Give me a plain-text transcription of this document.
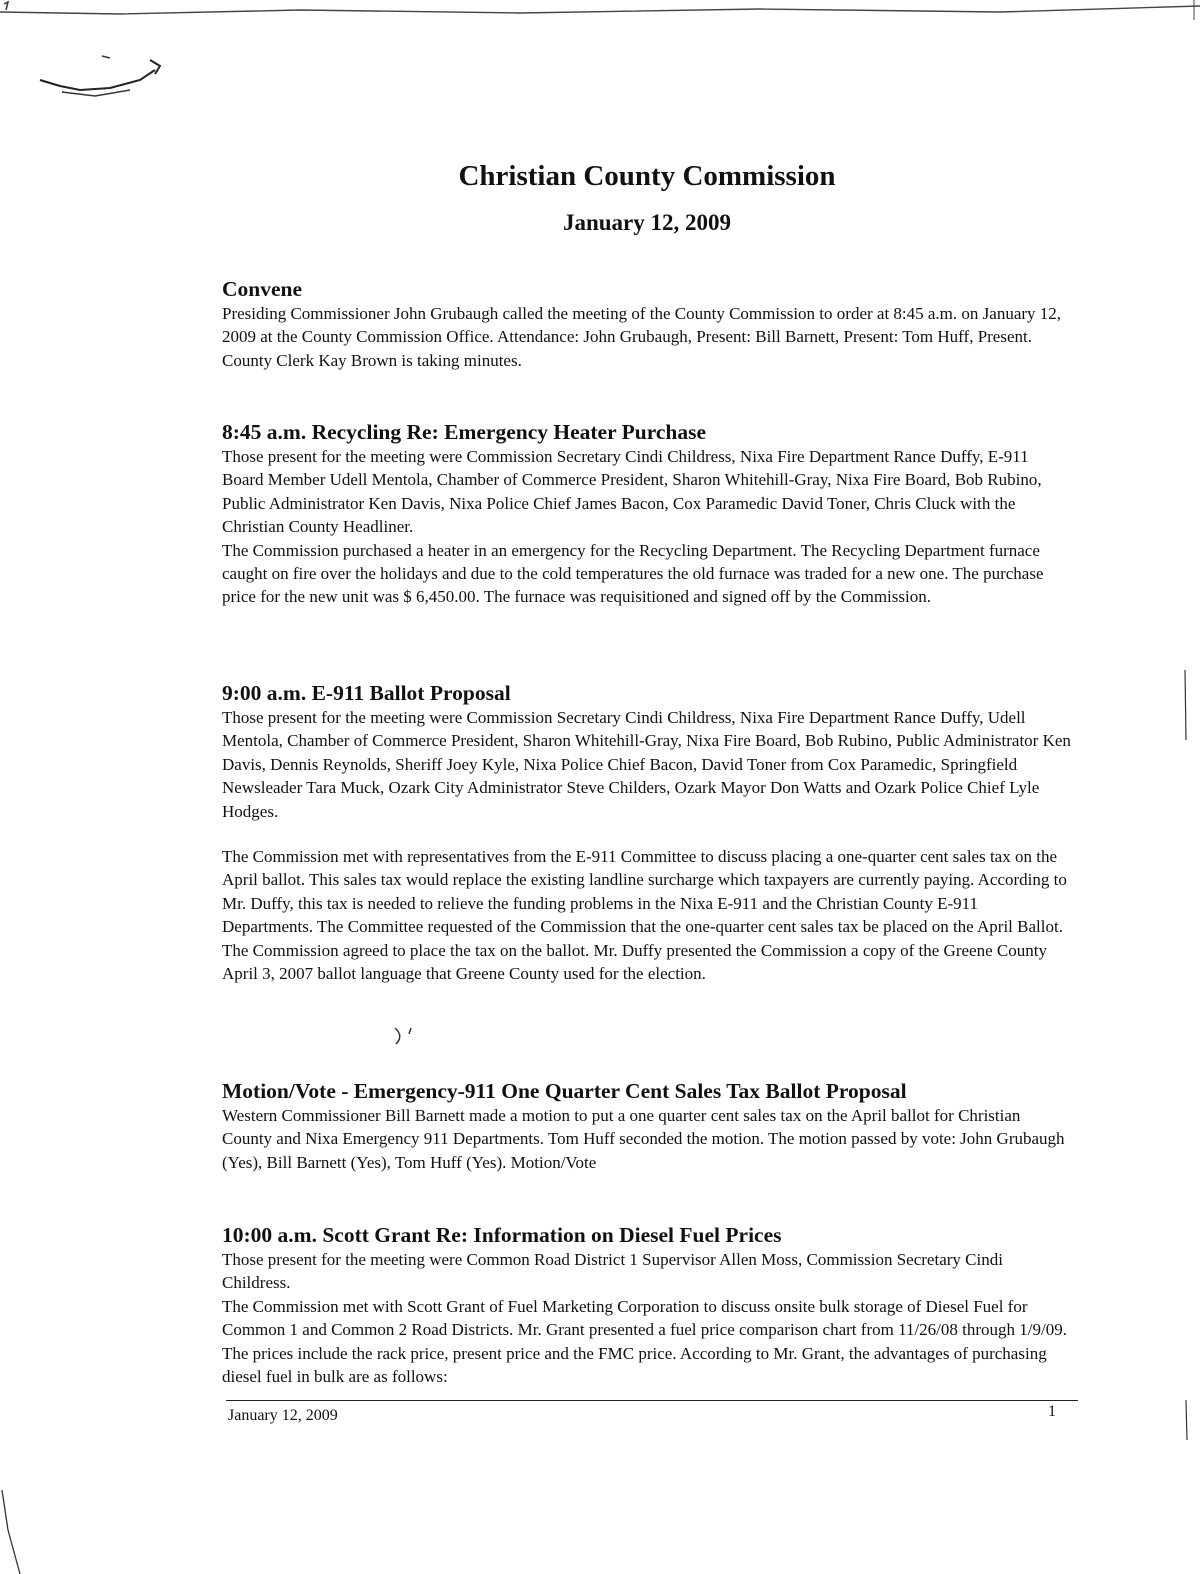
Christian County Commission
January 12, 2009
Convene

Presiding Commissioner John Grubaugh called the meeting of the County Commission to order at 8:45 a.m. on January 12, 2009 at the County Commission Office. Attendance: John Grubaugh, Present: Bill Barnett, Present: Tom Huff, Present. County Clerk Kay Brown is taking minutes.

8:45 a.m. Recycling Re: Emergency Heater Purchase

Those present for the meeting were Commission Secretary Cindi Childress, Nixa Fire Department Rance Duffy, E-911 Board Member Udell Mentola, Chamber of Commerce President, Sharon Whitehill-Gray, Nixa Fire Board, Bob Rubino, Public Administrator Ken Davis, Nixa Police Chief James Bacon, Cox Paramedic David Toner, Chris Cluck with the Christian County Headliner.

The Commission purchased a heater in an emergency for the Recycling Department. The Recycling Department furnace caught on fire over the holidays and due to the cold temperatures the old furnace was traded for a new one. The purchase price for the new unit was $ 6,450.00. The furnace was requisitioned and signed off by the Commission.

9:00 a.m. E-911 Ballot Proposal

Those present for the meeting were Commission Secretary Cindi Childress, Nixa Fire Department Rance Duffy, Udell Mentola, Chamber of Commerce President, Sharon Whitehill-Gray, Nixa Fire Board, Bob Rubino, Public Administrator Ken Davis, Dennis Reynolds, Sheriff Joey Kyle, Nixa Police Chief Bacon, David Toner from Cox Paramedic, Springfield Newsleader Tara Muck, Ozark City Administrator Steve Childers, Ozark Mayor Don Watts and Ozark Police Chief Lyle Hodges.

The Commission met with representatives from the E-911 Committee to discuss placing a one-quarter cent sales tax on the April ballot. This sales tax would replace the existing landline surcharge which taxpayers are currently paying. According to Mr. Duffy, this tax is needed to relieve the funding problems in the Nixa E-911 and the Christian County E-911 Departments. The Committee requested of the Commission that the one-quarter cent sales tax be placed on the April Ballot. The Commission agreed to place the tax on the ballot. Mr. Duffy presented the Commission a copy of the Greene County April 3, 2007 ballot language that Greene County used for the election.

Motion/Vote - Emergency-911 One Quarter Cent Sales Tax Ballot Proposal

Western Commissioner Bill Barnett made a motion to put a one quarter cent sales tax on the April ballot for Christian County and Nixa Emergency 911 Departments. Tom Huff seconded the motion. The motion passed by vote: John Grubaugh (Yes), Bill Barnett (Yes), Tom Huff (Yes). Motion/Vote

10:00 a.m. Scott Grant Re: Information on Diesel Fuel Prices

Those present for the meeting were Common Road District 1 Supervisor Allen Moss, Commission Secretary Cindi Childress.

The Commission met with Scott Grant of Fuel Marketing Corporation to discuss onsite bulk storage of Diesel Fuel for Common 1 and Common 2 Road Districts. Mr. Grant presented a fuel price comparison chart from 11/26/08 through 1/9/09. The prices include the rack price, present price and the FMC price. According to Mr. Grant, the advantages of purchasing diesel fuel in bulk are as follows:

January 12, 2009	1
